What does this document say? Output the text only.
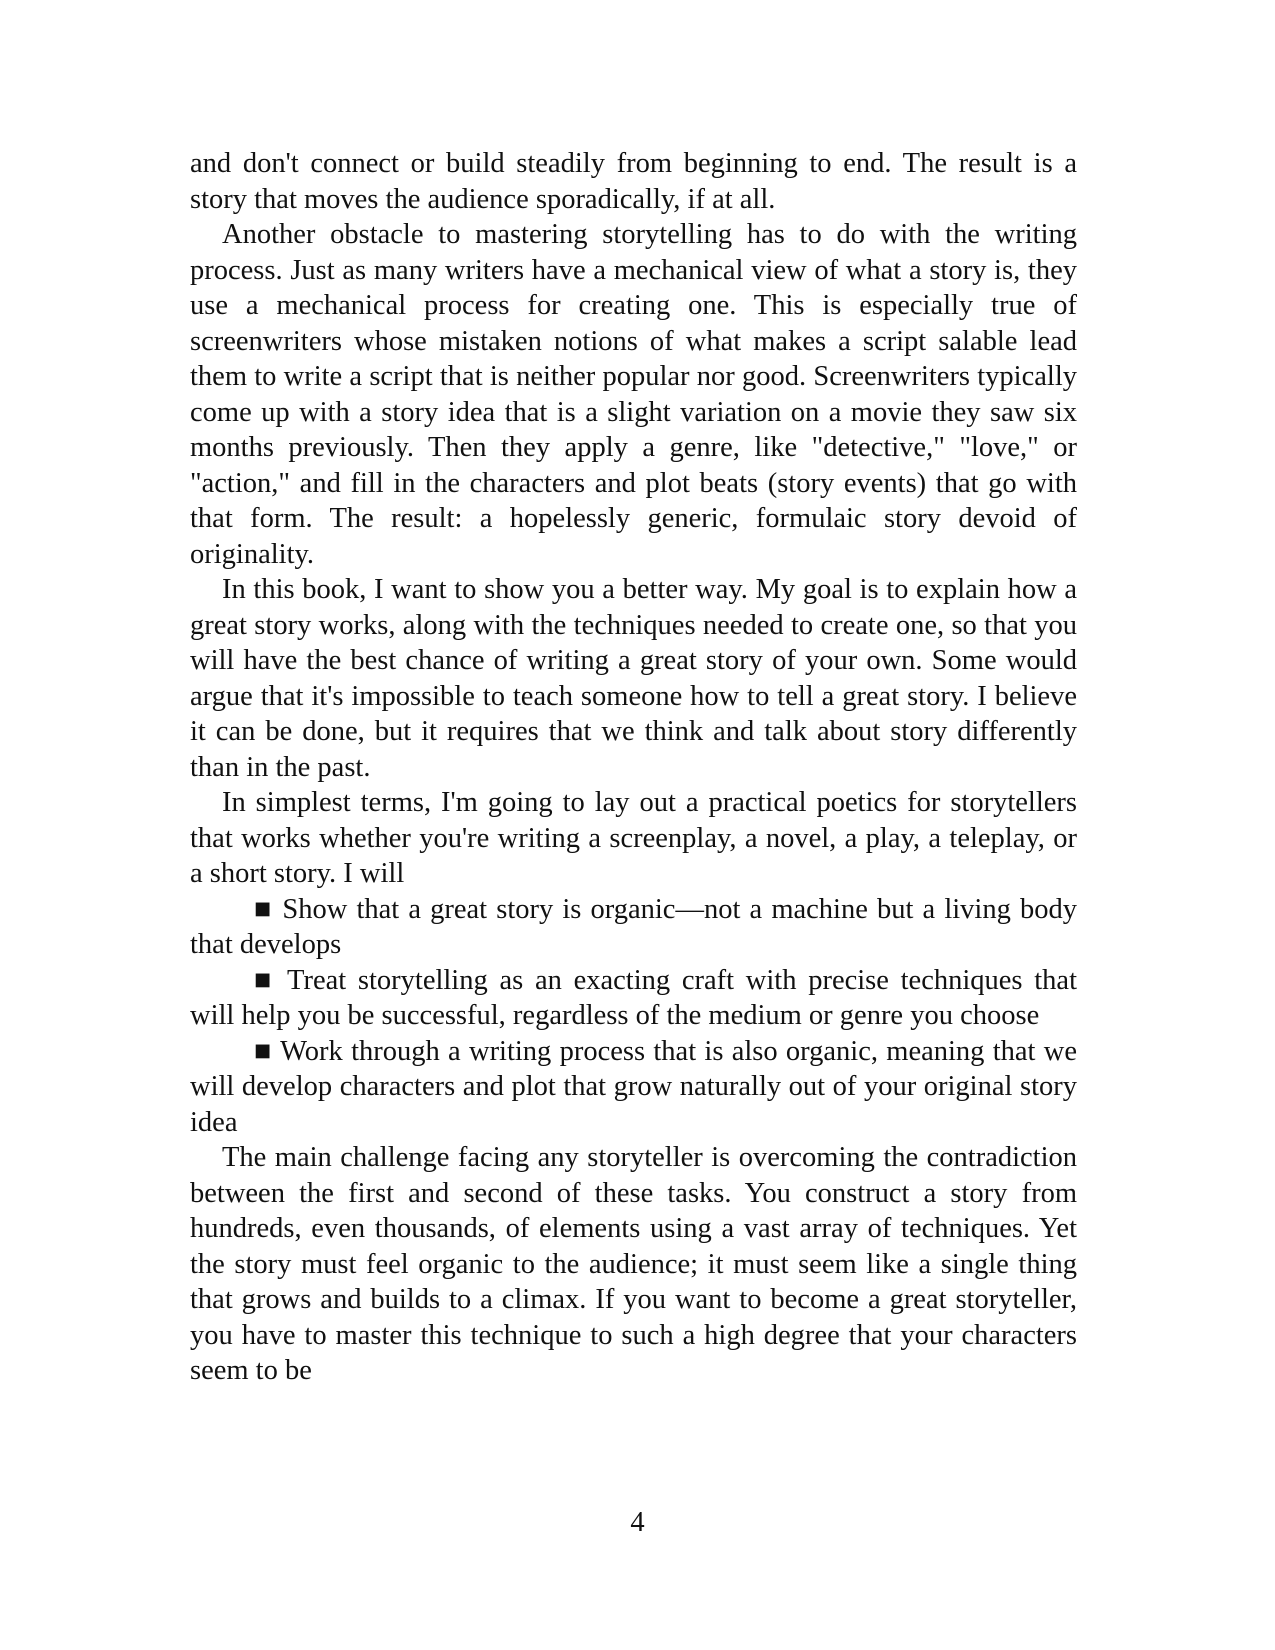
and don't connect or build steadily from beginning to end. The result is a story that moves the audience sporadically, if at all.

Another obstacle to mastering storytelling has to do with the writing process. Just as many writers have a mechanical view of what a story is, they use a mechanical process for creating one. This is especially true of screenwriters whose mistaken notions of what makes a script salable lead them to write a script that is neither popular nor good. Screenwriters typically come up with a story idea that is a slight variation on a movie they saw six months previously. Then they apply a genre, like "detective," "love," or "action," and fill in the characters and plot beats (story events) that go with that form. The result: a hopelessly generic, formulaic story devoid of originality.

In this book, I want to show you a better way. My goal is to explain how a great story works, along with the techniques needed to create one, so that you will have the best chance of writing a great story of your own. Some would argue that it's impossible to teach someone how to tell a great story. I believe it can be done, but it requires that we think and talk about story differently than in the past.

In simplest terms, I'm going to lay out a practical poetics for storytellers that works whether you're writing a screenplay, a novel, a play, a teleplay, or a short story. I will

■ Show that a great story is organic—not a machine but a living body that develops

■ Treat storytelling as an exacting craft with precise techniques that will help you be successful, regardless of the medium or genre you choose

■ Work through a writing process that is also organic, meaning that we will develop characters and plot that grow naturally out of your original story idea

The main challenge facing any storyteller is overcoming the contradiction between the first and second of these tasks. You construct a story from hundreds, even thousands, of elements using a vast array of techniques. Yet the story must feel organic to the audience; it must seem like a single thing that grows and builds to a climax. If you want to become a great storyteller, you have to master this technique to such a high degree that your characters seem to be

4
